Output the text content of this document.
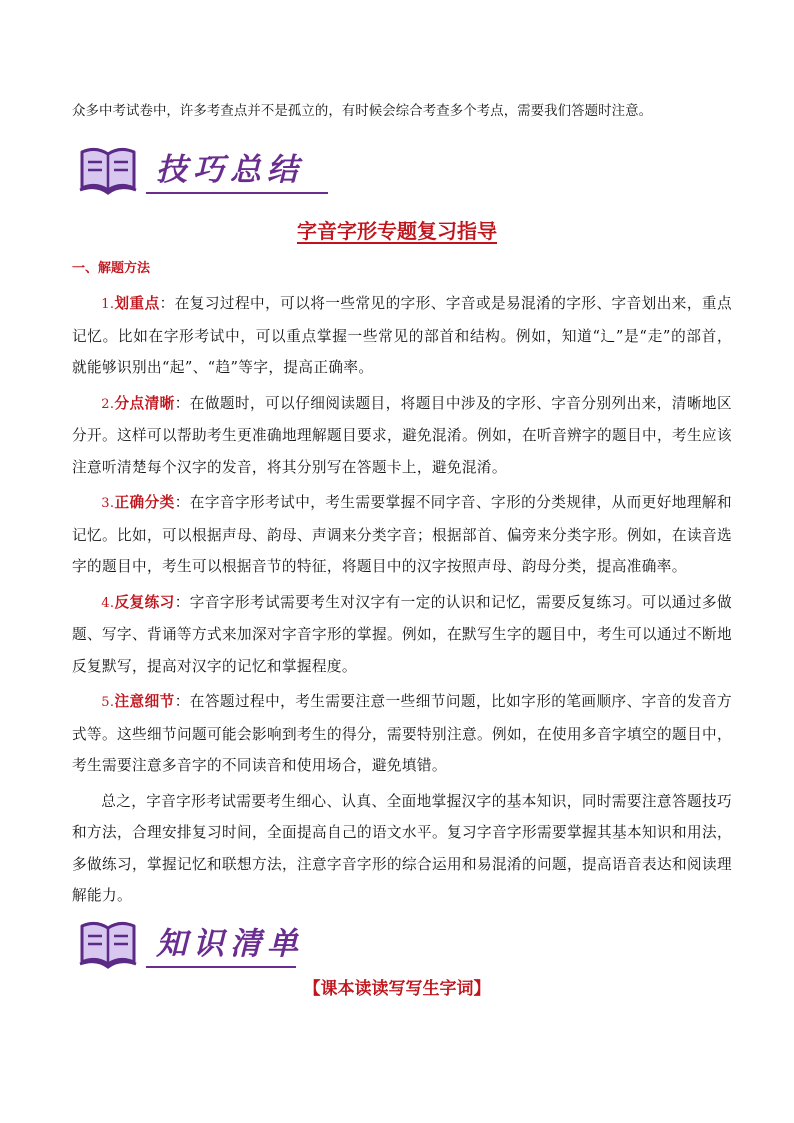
众多中考试卷中，许多考查点并不是孤立的，有时候会综合考查多个考点，需要我们答题时注意。
技巧总结
字音字形专题复习指导
一、解题方法

1.划重点：在复习过程中，可以将一些常见的字形、字音或是易混淆的字形、字音划出来，重点记忆。比如在字形考试中，可以重点掌握一些常见的部首和结构。例如，知道“辶”是“走”的部首，就能够识别出“起”、“趋”等字，提高正确率。

2.分点清晰：在做题时，可以仔细阅读题目，将题目中涉及的字形、字音分别列出来，清晰地区分开。这样可以帮助考生更准确地理解题目要求，避免混淆。例如，在听音辨字的题目中，考生应该注意听清楚每个汉字的发音，将其分别写在答题卡上，避免混淆。

3.正确分类：在字音字形考试中，考生需要掌握不同字音、字形的分类规律，从而更好地理解和记忆。比如，可以根据声母、韵母、声调来分类字音；根据部首、偏旁来分类字形。例如，在读音选字的题目中，考生可以根据音节的特征，将题目中的汉字按照声母、韵母分类，提高准确率。

4.反复练习：字音字形考试需要考生对汉字有一定的认识和记忆，需要反复练习。可以通过多做题、写字、背诵等方式来加深对字音字形的掌握。例如，在默写生字的题目中，考生可以通过不断地反复默写，提高对汉字的记忆和掌握程度。

5.注意细节：在答题过程中，考生需要注意一些细节问题，比如字形的笔画顺序、字音的发音方式等。这些细节问题可能会影响到考生的得分，需要特别注意。例如，在使用多音字填空的题目中，考生需要注意多音字的不同读音和使用场合，避免填错。

总之，字音字形考试需要考生细心、认真、全面地掌握汉字的基本知识，同时需要注意答题技巧和方法，合理安排复习时间，全面提高自己的语文水平。复习字音字形需要掌握其基本知识和用法，多做练习，掌握记忆和联想方法，注意字音字形的综合运用和易混淆的问题，提高语音表达和阅读理解能力。

知识清单
【课本读读写写生字词】
